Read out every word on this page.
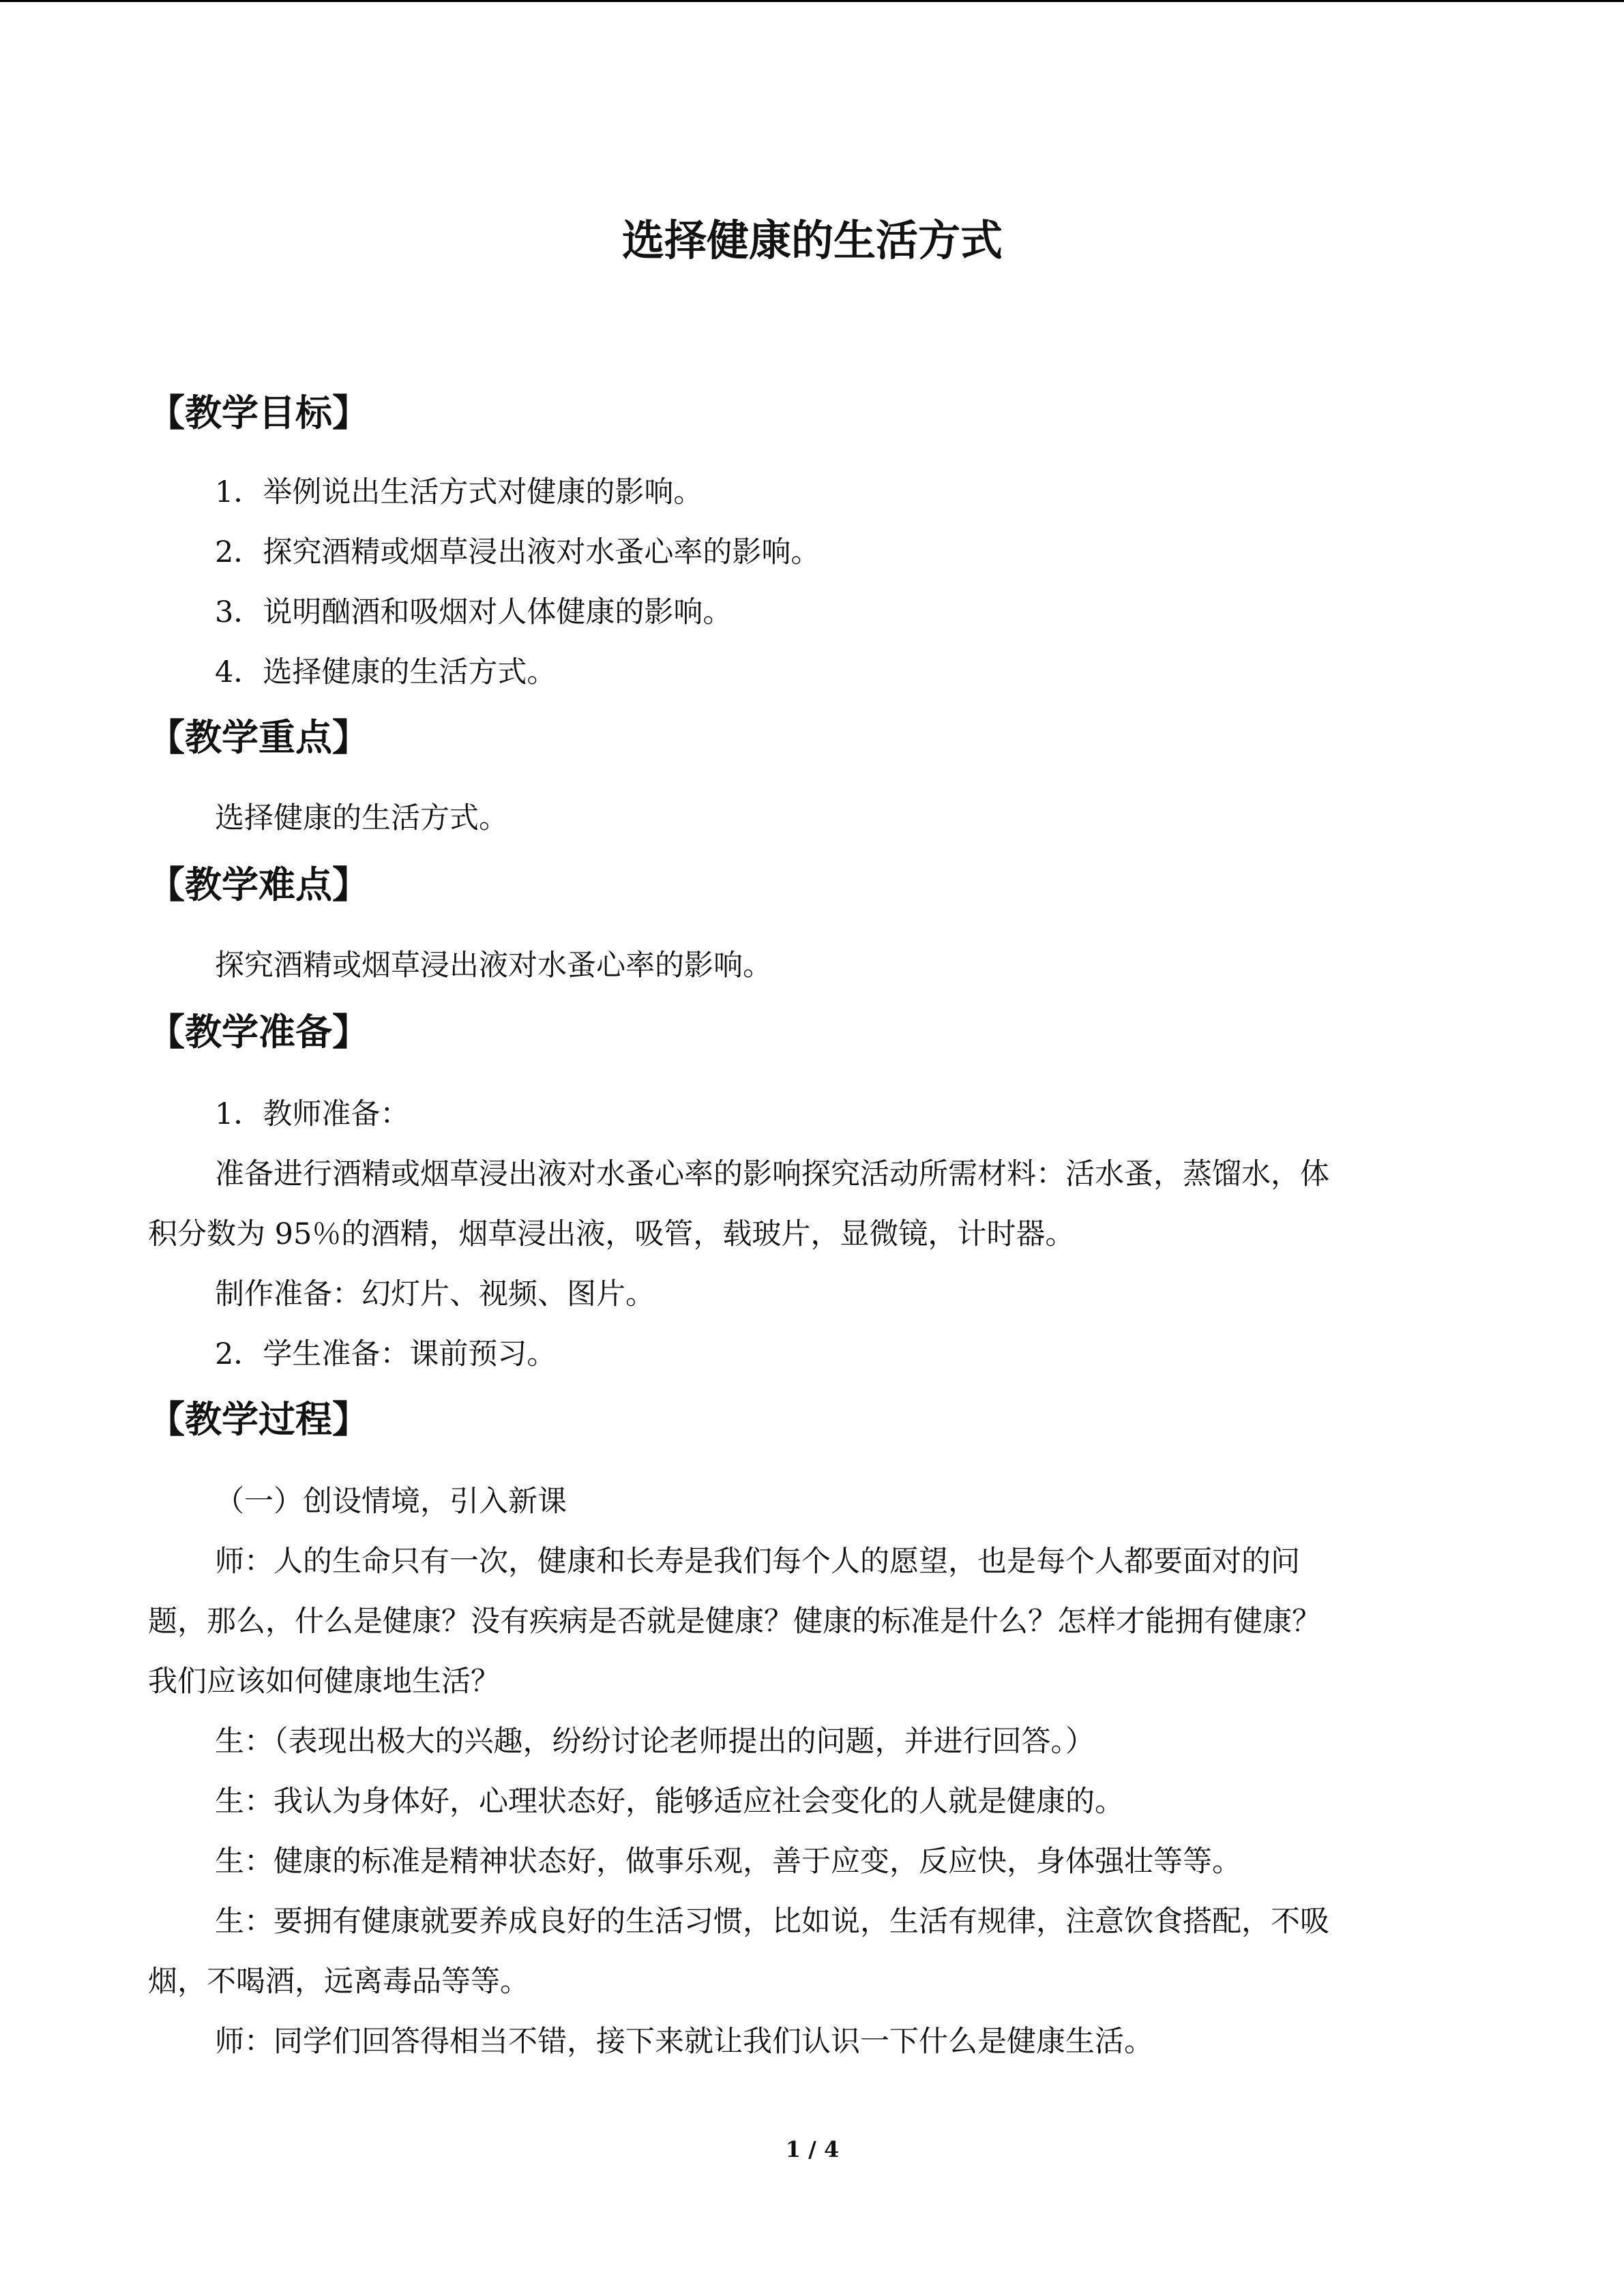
选择健康的生活方式
【教学目标】
1．举例说出生活方式对健康的影响。
2．探究酒精或烟草浸出液对水蚤心率的影响。
3．说明酗酒和吸烟对人体健康的影响。
4．选择健康的生活方式。
【教学重点】
选择健康的生活方式。
【教学难点】
探究酒精或烟草浸出液对水蚤心率的影响。
【教学准备】
1．教师准备：
准备进行酒精或烟草浸出液对水蚤心率的影响探究活动所需材料：活水蚤，蒸馏水，体
积分数为 95％的酒精，烟草浸出液，吸管，载玻片，显微镜，计时器。
制作准备：幻灯片、视频、图片。
2．学生准备：课前预习。
【教学过程】
（一）创设情境，引入新课
师：人的生命只有一次，健康和长寿是我们每个人的愿望，也是每个人都要面对的问
题，那么，什么是健康？没有疾病是否就是健康？健康的标准是什么？怎样才能拥有健康？
我们应该如何健康地生活？
生：（表现出极大的兴趣，纷纷讨论老师提出的问题，并进行回答。）
生：我认为身体好，心理状态好，能够适应社会变化的人就是健康的。
生：健康的标准是精神状态好，做事乐观，善于应变，反应快，身体强壮等等。
生：要拥有健康就要养成良好的生活习惯，比如说，生活有规律，注意饮食搭配，不吸
烟，不喝酒，远离毒品等等。
师：同学们回答得相当不错，接下来就让我们认识一下什么是健康生活。
1 / 4
